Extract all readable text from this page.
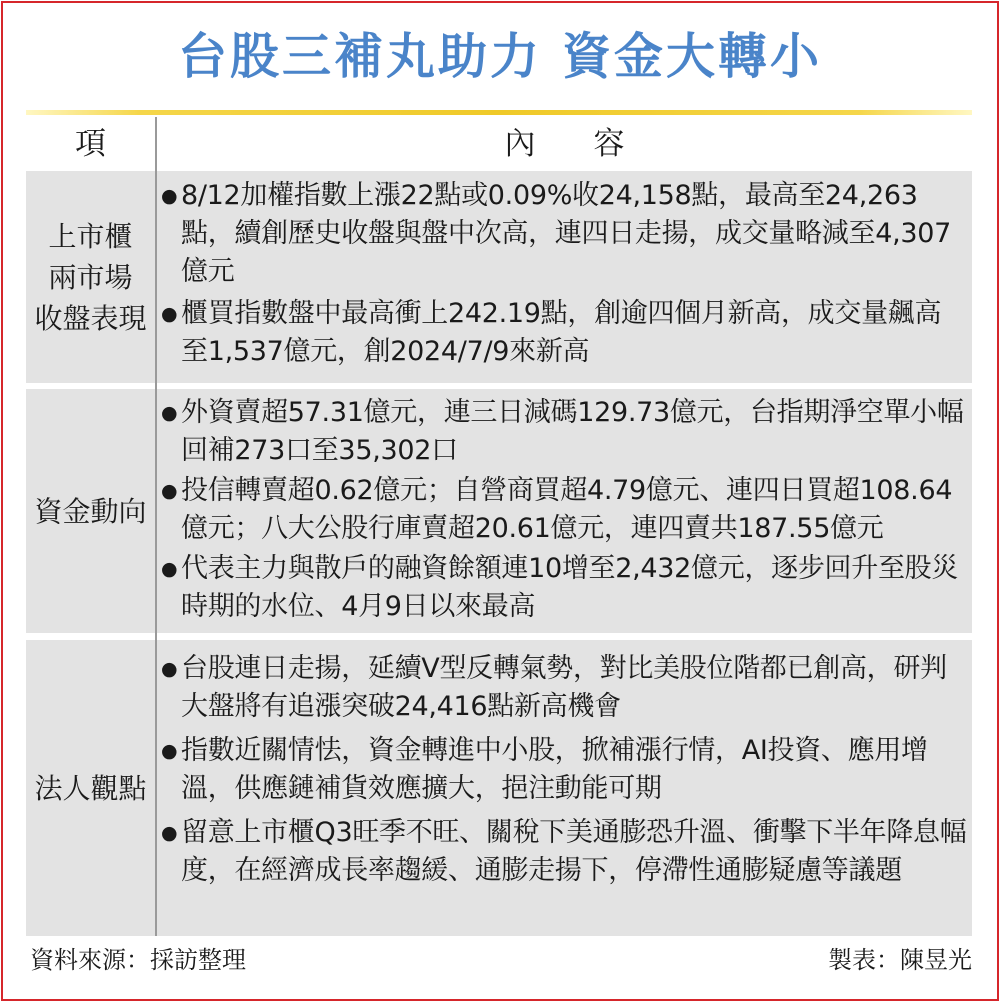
台股三補丸助力 資金大轉小
項	內容
上市櫃
兩市場
收盤表現
● 8/12加權指數上漲22點或0.09%收24,158點，最高至24,263點，續創歷史收盤與盤中次高，連四日走揚，成交量略減至4,307億元
● 櫃買指數盤中最高衝上242.19點，創逾四個月新高，成交量飆高至1,537億元，創2024/7/9來新高
資金動向
● 外資賣超57.31億元，連三日減碼129.73億元，台指期淨空單小幅回補273口至35,302口
● 投信轉賣超0.62億元；自營商買超4.79億元、連四日買超108.64億元；八大公股行庫賣超20.61億元，連四賣共187.55億元
● 代表主力與散戶的融資餘額連10增至2,432億元，逐步回升至股災時期的水位、4月9日以來最高
法人觀點
● 台股連日走揚，延續V型反轉氣勢，對比美股位階都已創高，研判大盤將有追漲突破24,416點新高機會
● 指數近關情怯，資金轉進中小股，掀補漲行情，AI投資、應用增溫，供應鏈補貨效應擴大，挹注動能可期
● 留意上市櫃Q3旺季不旺、關稅下美通膨恐升溫、衝擊下半年降息幅度，在經濟成長率趨緩、通膨走揚下，停滯性通膨疑慮等議題
資料來源：採訪整理	製表：陳昱光
